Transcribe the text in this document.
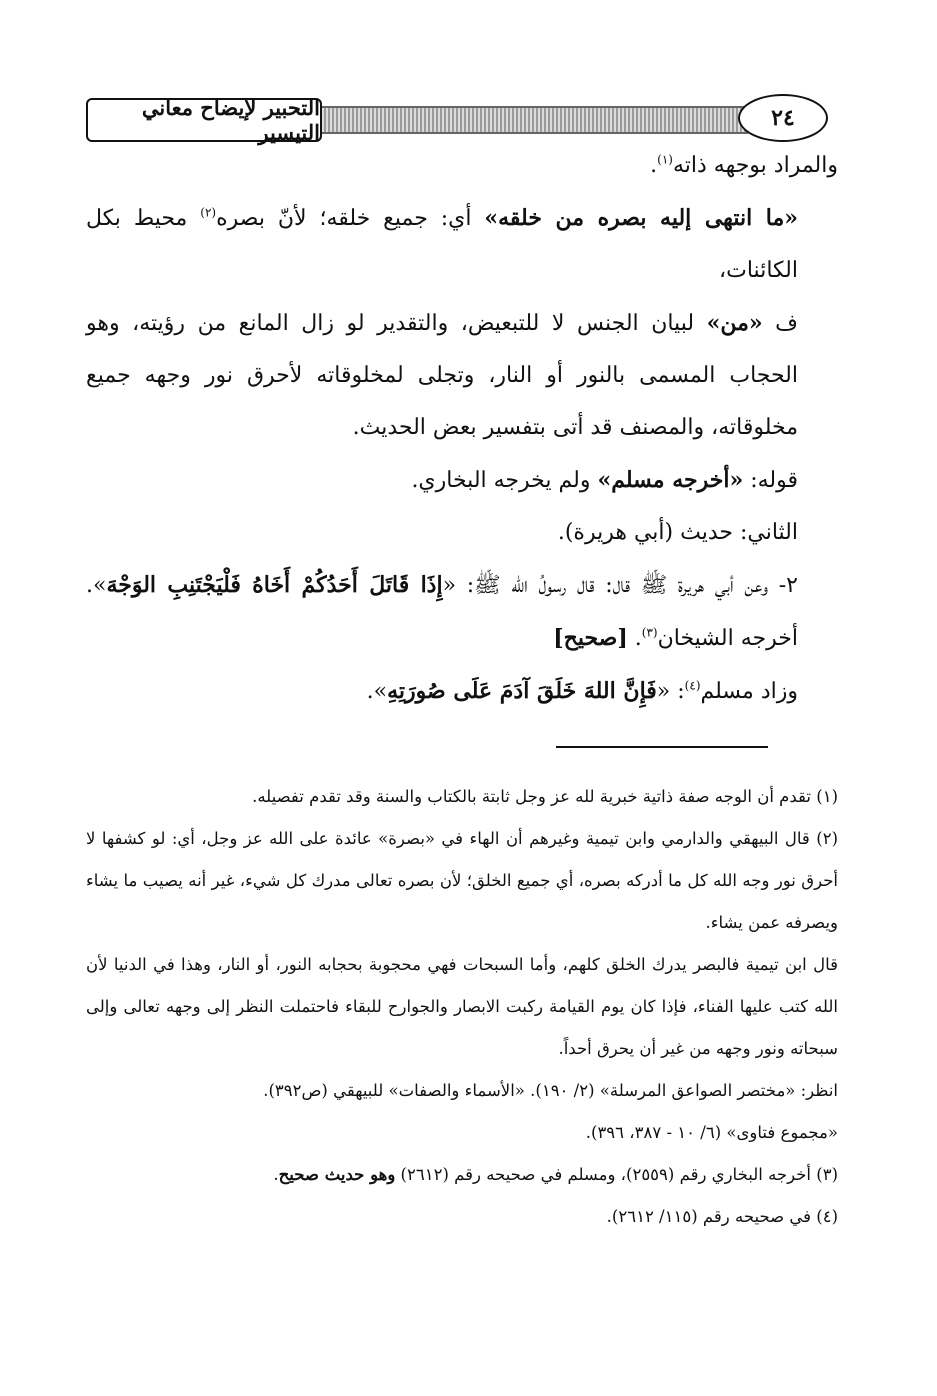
التحبير لإيضاح معاني التيسير
٢٤

والمراد بوجهه ذاته$^{(١)}$.

«ما انتهى إليه بصره من خلقه» أي: جميع خلقه؛ لأنّ بصره$^{(٢)}$ محيط بكل الكائنات،

ف «من» لبيان الجنس لا للتبعيض، والتقدير لو زال المانع من رؤيته، وهو الحجاب المسمى بالنور أو النار، وتجلى لمخلوقاته لأحرق نور وجهه جميع مخلوقاته، والمصنف قد أتى بتفسير بعض الحديث.

قوله: «أخرجه مسلم» ولم يخرجه البخاري.

الثاني: حديث (أبي هريرة).

٢- وعن أبي هريرة ﷺ قال: قال رسولُ الله ﷺ: «إِذَا قَاتَلَ أَحَدُكُمْ أَخَاهُ فَلْيَجْتَنِبِ الوَجْهَ». أخرجه الشيخان$^{(٣)}$. [صحيح]

وزاد مسلم$^{(٤)}$: «فَإِنَّ اللهَ خَلَقَ آدَمَ عَلَى صُورَتِهِ».

(١) تقدم أن الوجه صفة ذاتية خبرية لله عز وجل ثابتة بالكتاب والسنة وقد تقدم تفصيله.

(٢) قال البيهقي والدارمي وابن تيمية وغيرهم أن الهاء في «بصرة» عائدة على الله عز وجل، أي: لو كشفها لا أحرق نور وجه الله كل ما أدركه بصره، أي جميع الخلق؛ لأن بصره تعالى مدرك كل شيء، غير أنه يصيب ما يشاء ويصرفه عمن يشاء.

قال ابن تيمية فالبصر يدرك الخلق كلهم، وأما السبحات فهي محجوبة بحجابه النور، أو النار، وهذا في الدنيا لأن الله كتب عليها الفناء، فإذا كان يوم القيامة ركبت الابصار والجوارح للبقاء فاحتملت النظر إلى وجهه تعالى وإلى سبحاته ونور وجهه من غير أن يحرق أحداً.

انظر: «مختصر الصواعق المرسلة» (٢/ ١٩٠). «الأسماء والصفات» للبيهقي (ص٣٩٢).

«مجموع فتاوى» (٦/ ١٠ - ٣٨٧، ٣٩٦).

(٣) أخرجه البخاري رقم (٢٥٥٩)، ومسلم في صحيحه رقم (٢٦١٢) وهو حديث صحيح.

(٤) في صحيحه رقم (١١٥/ ٢٦١٢).
